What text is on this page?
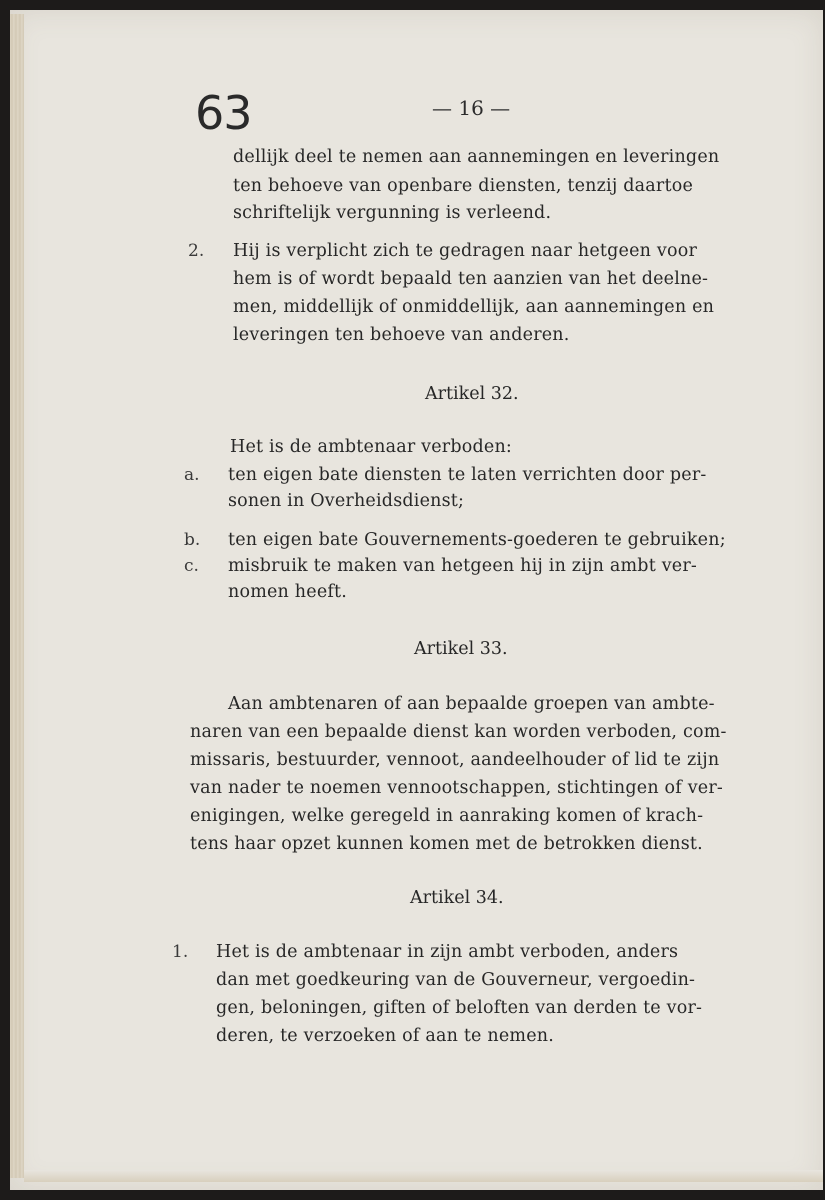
63	— 16 —
dellijk deel te nemen aan aannemingen en leveringen
ten behoeve van openbare diensten, tenzij daartoe
schriftelijk vergunning is verleend.
2. Hij is verplicht zich te gedragen naar hetgeen voor
hem is of wordt bepaald ten aanzien van het deelne-
men, middellijk of onmiddellijk, aan aannemingen en
leveringen ten behoeve van anderen.
Artikel 32.
Het is de ambtenaar verboden:
a. ten eigen bate diensten te laten verrichten door per-
sonen in Overheidsdienst;
b. ten eigen bate Gouvernements-goederen te gebruiken;
c. misbruik te maken van hetgeen hij in zijn ambt ver-
nomen heeft.
Artikel 33.
Aan ambtenaren of aan bepaalde groepen van ambte-
naren van een bepaalde dienst kan worden verboden, com-
missaris, bestuurder, vennoot, aandeelhouder of lid te zijn
van nader te noemen vennootschappen, stichtingen of ver-
enigingen, welke geregeld in aanraking komen of krach-
tens haar opzet kunnen komen met de betrokken dienst.
Artikel 34.
1. Het is de ambtenaar in zijn ambt verboden, anders
dan met goedkeuring van de Gouverneur, vergoedin-
gen, beloningen, giften of beloften van derden te vor-
deren, te verzoeken of aan te nemen.
